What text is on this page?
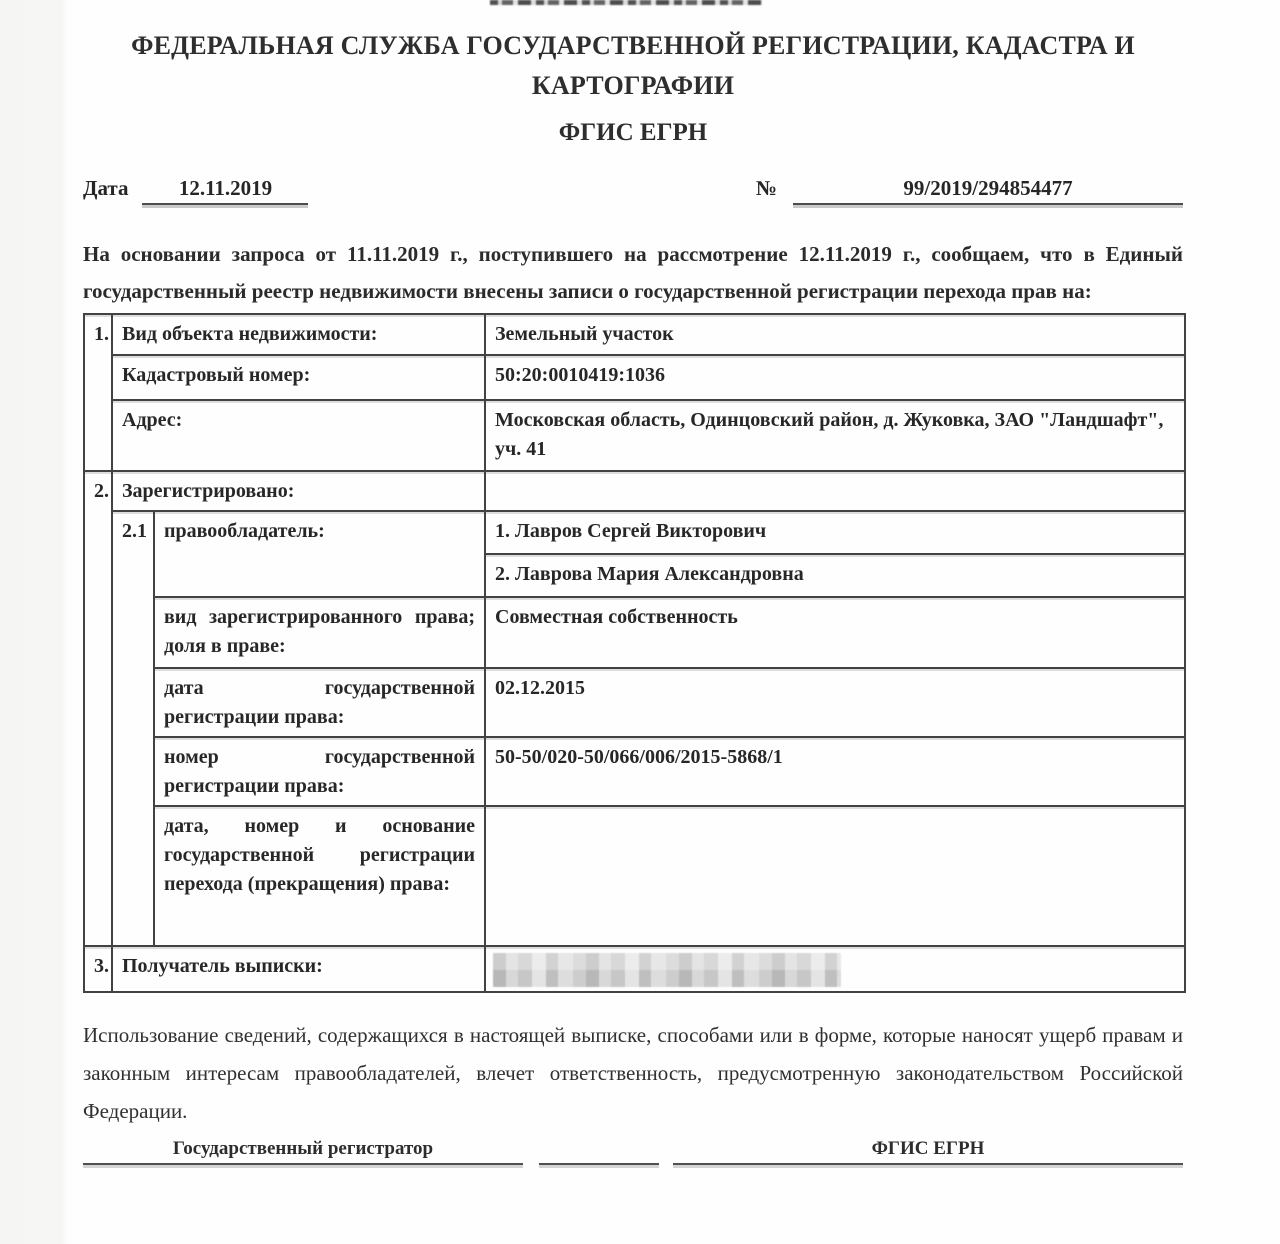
ФЕДЕРАЛЬНАЯ СЛУЖБА ГОСУДАРСТВЕННОЙ РЕГИСТРАЦИИ, КАДАСТРА И
КАРТОГРАФИИ
ФГИС ЕГРН
Дата	12.11.2019	№	99/2019/294854477

На основании запроса от 11.11.2019 г., поступившего на рассмотрение 12.11.2019 г., сообщаем, что в Единый государственный реестр недвижимости внесены записи о государственной регистрации перехода прав на:

1.	Вид объекта недвижимости:		Земельный участок
	Кадастровый номер:		50:20:0010419:1036
	Адрес:		Московская область, Одинцовский район, д. Жуковка, ЗАО "Ландшафт", уч. 41
2.	Зарегистрировано:		
	2.1	правообладатель:	1. Лавров Сергей Викторович
			2. Лаврова Мария Александровна
		вид зарегистрированного права; доля в праве:	Совместная собственность
		дата государственной регистрации права:	02.12.2015
		номер государственной регистрации права:	50-50/020-50/066/006/2015-5868/1
		дата, номер и основание государственной регистрации перехода (прекращения) права:	
3.	Получатель выписки:		

Использование сведений, содержащихся в настоящей выписке, способами или в форме, которые наносят ущерб правам и законным интересам правообладателей, влечет ответственность, предусмотренную законодательством Российской Федерации.

Государственный регистратор	ФГИС ЕГРН
